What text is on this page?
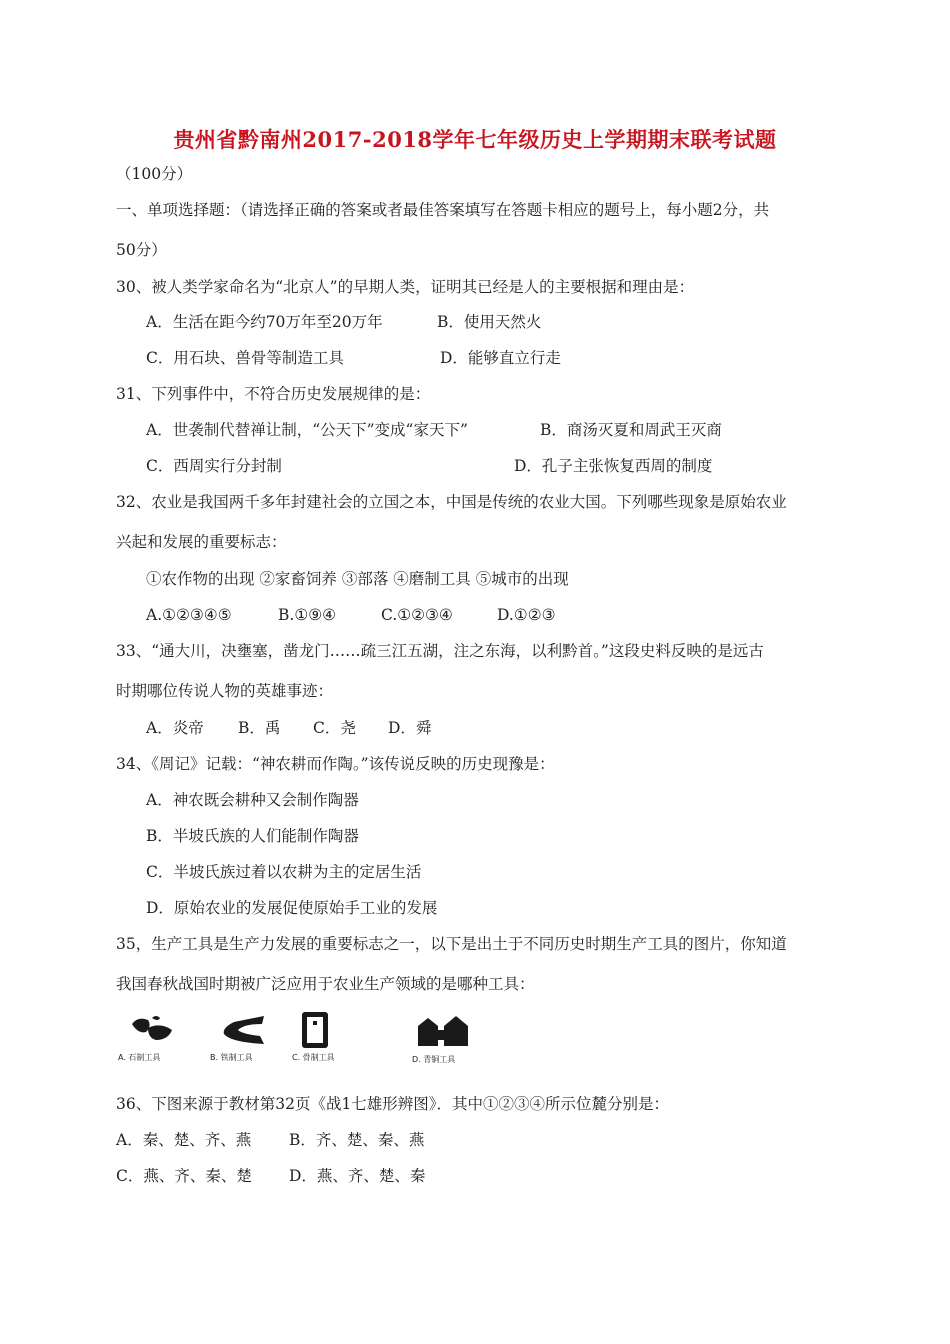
贵州省黔南州2017-2018学年七年级历史上学期期末联考试题
（100分）
一、单项选择题：（请选择正确的答案或者最佳答案填写在答题卡相应的题号上，每小题2分，共
50分）
30、被人类学家命名为“北京人”的早期人类，证明其已经是人的主要根据和理由是：
A．生活在距今约70万年至20万年	B．使用天然火
C．用石块、兽骨等制造工具	D．能够直立行走
31、下列事件中，不符合历史发展规律的是：
A．世袭制代替禅让制，“公天下”变成“家天下”	B．商汤灭夏和周武王灭商
C．西周实行分封制	D．孔子主张恢复西周的制度
32、农业是我国两千多年封建社会的立国之本，中国是传统的农业大国。下列哪些现象是原始农业
兴起和发展的重要标志：
①农作物的出现 ②家畜饲养 ③部落 ④磨制工具 ⑤城市的出现
A.①②③④⑤	B.①⑨④	C.①②③④	D.①②③
33、“通大川，决壅塞，凿龙门……疏三江五湖，注之东海，以利黔首。”这段史料反映的是远古
时期哪位传说人物的英雄事迹：
A．炎帝 B．禹 C．尧 D．舜
34、《周记》记载：“神农耕而作陶。”该传说反映的历史现豫是：
A．神农既会耕种又会制作陶器
B．半坡氏族的人们能制作陶器
C．半坡氏族过着以农耕为主的定居生活
D．原始农业的发展促使原始手工业的发展
35，生产工具是生产力发展的重要标志之一，以下是出土于不同历史时期生产工具的图片，你知道
我国春秋战国时期被广泛应用于农业生产领域的是哪种工具：
A. 石制工具	B. 铁制工具	C. 骨制工具	D. 青铜工具
36、下图来源于教材第32页《战1七雄形辨图》．其中①②③④所示位麓分别是：
A．秦、楚、齐、燕 B．齐、楚、秦、燕
C．燕、齐、秦、楚 D．燕、齐、楚、秦
